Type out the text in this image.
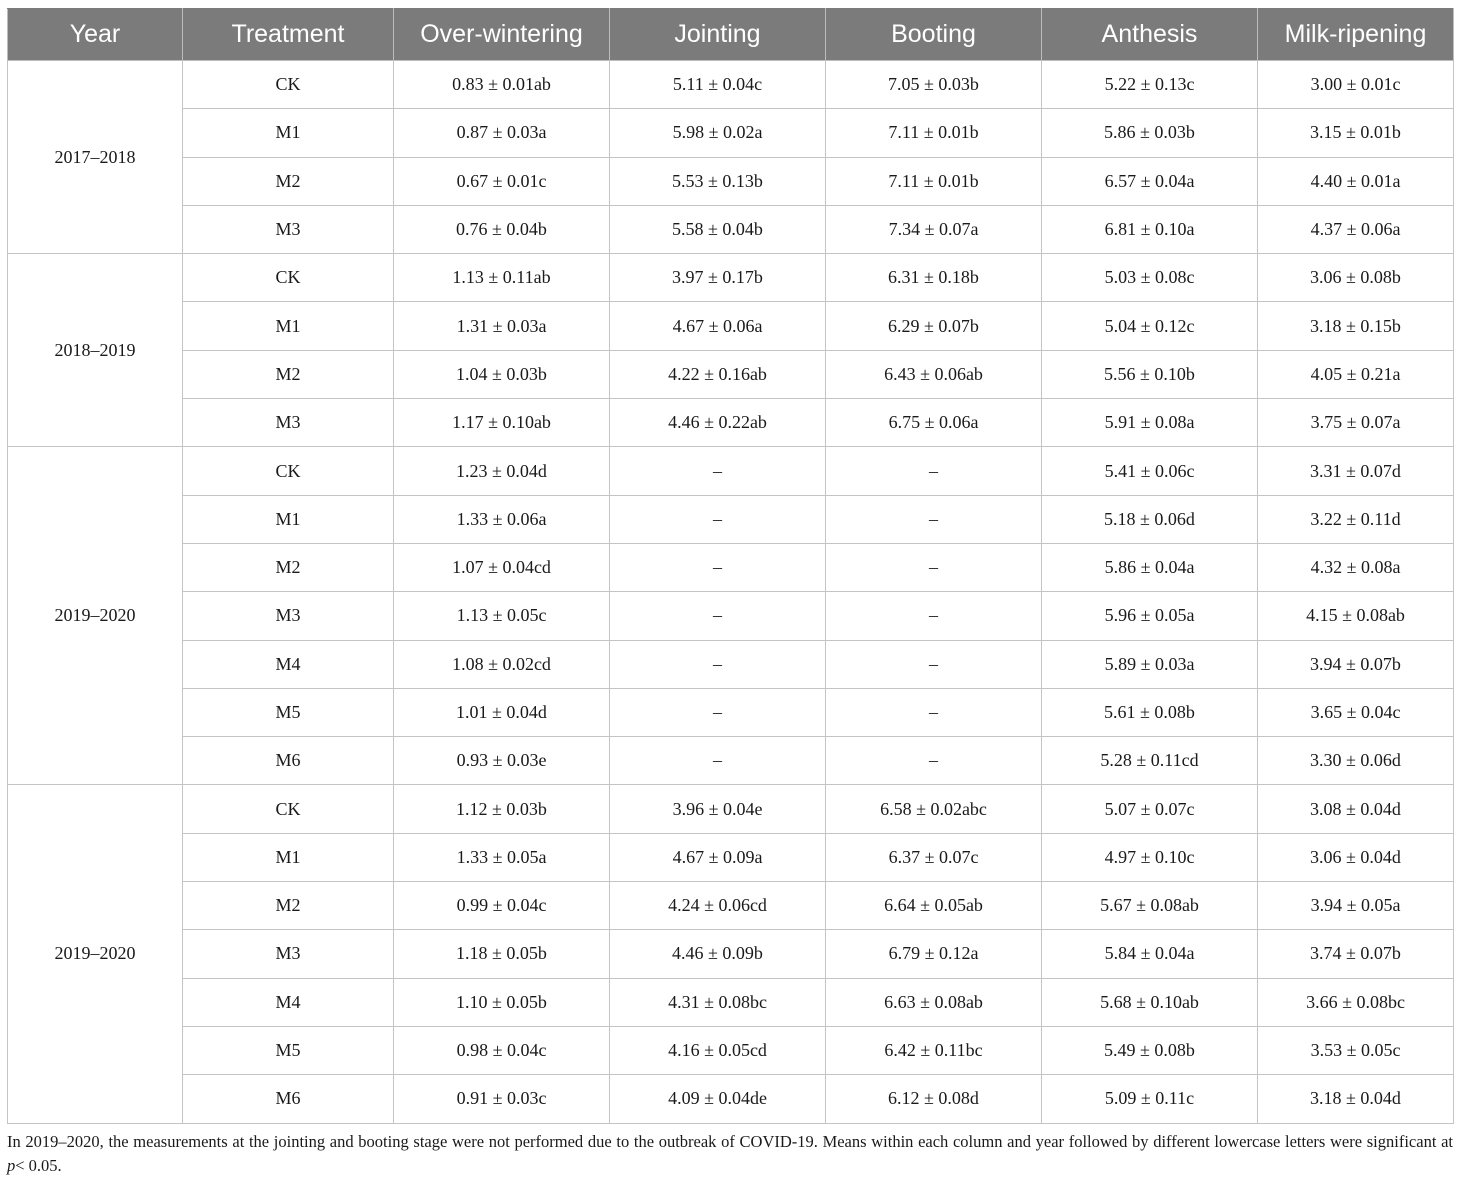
Year	Treatment	Over-wintering	Jointing	Booting	Anthesis	Milk-ripening
2017–2018	CK	0.83 ± 0.01ab	5.11 ± 0.04c	7.05 ± 0.03b	5.22 ± 0.13c	3.00 ± 0.01c
	M1	0.87 ± 0.03a	5.98 ± 0.02a	7.11 ± 0.01b	5.86 ± 0.03b	3.15 ± 0.01b
	M2	0.67 ± 0.01c	5.53 ± 0.13b	7.11 ± 0.01b	6.57 ± 0.04a	4.40 ± 0.01a
	M3	0.76 ± 0.04b	5.58 ± 0.04b	7.34 ± 0.07a	6.81 ± 0.10a	4.37 ± 0.06a
2018–2019	CK	1.13 ± 0.11ab	3.97 ± 0.17b	6.31 ± 0.18b	5.03 ± 0.08c	3.06 ± 0.08b
	M1	1.31 ± 0.03a	4.67 ± 0.06a	6.29 ± 0.07b	5.04 ± 0.12c	3.18 ± 0.15b
	M2	1.04 ± 0.03b	4.22 ± 0.16ab	6.43 ± 0.06ab	5.56 ± 0.10b	4.05 ± 0.21a
	M3	1.17 ± 0.10ab	4.46 ± 0.22ab	6.75 ± 0.06a	5.91 ± 0.08a	3.75 ± 0.07a
2019–2020	CK	1.23 ± 0.04d	–	–	5.41 ± 0.06c	3.31 ± 0.07d
	M1	1.33 ± 0.06a	–	–	5.18 ± 0.06d	3.22 ± 0.11d
	M2	1.07 ± 0.04cd	–	–	5.86 ± 0.04a	4.32 ± 0.08a
	M3	1.13 ± 0.05c	–	–	5.96 ± 0.05a	4.15 ± 0.08ab
	M4	1.08 ± 0.02cd	–	–	5.89 ± 0.03a	3.94 ± 0.07b
	M5	1.01 ± 0.04d	–	–	5.61 ± 0.08b	3.65 ± 0.04c
	M6	0.93 ± 0.03e	–	–	5.28 ± 0.11cd	3.30 ± 0.06d
2019–2020	CK	1.12 ± 0.03b	3.96 ± 0.04e	6.58 ± 0.02abc	5.07 ± 0.07c	3.08 ± 0.04d
	M1	1.33 ± 0.05a	4.67 ± 0.09a	6.37 ± 0.07c	4.97 ± 0.10c	3.06 ± 0.04d
	M2	0.99 ± 0.04c	4.24 ± 0.06cd	6.64 ± 0.05ab	5.67 ± 0.08ab	3.94 ± 0.05a
	M3	1.18 ± 0.05b	4.46 ± 0.09b	6.79 ± 0.12a	5.84 ± 0.04a	3.74 ± 0.07b
	M4	1.10 ± 0.05b	4.31 ± 0.08bc	6.63 ± 0.08ab	5.68 ± 0.10ab	3.66 ± 0.08bc
	M5	0.98 ± 0.04c	4.16 ± 0.05cd	6.42 ± 0.11bc	5.49 ± 0.08b	3.53 ± 0.05c
	M6	0.91 ± 0.03c	4.09 ± 0.04de	6.12 ± 0.08d	5.09 ± 0.11c	3.18 ± 0.04d
In 2019–2020, the measurements at the jointing and booting stage were not performed due to the outbreak of COVID-19. Means within each column and year followed by different lowercase letters were significant at p< 0.05.
